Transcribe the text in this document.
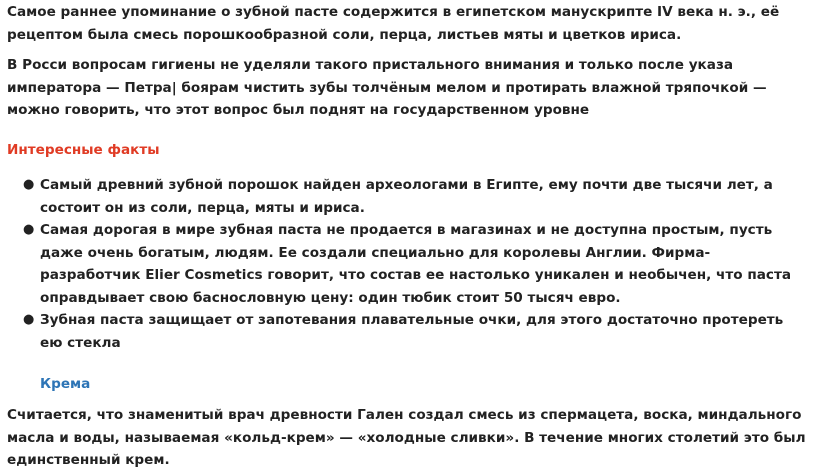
Самое раннее упоминание о зубной пасте содержится в египетском манускрипте IV века н. э., её рецептом была смесь порошкообразной соли, перца, листьев мяты и цветков ириса.

В Росси вопросам гигиены не уделяли такого пристального внимания и только после указа императора — Петра| боярам чистить зубы толчёным мелом и протирать влажной тряпочкой — можно говорить, что этот вопрос был поднят на государственном уровне

Интересные факты
● Самый древний зубной порошок найден археологами в Египте, ему почти две тысячи лет, а состоит он из соли, перца, мяты и ириса.
● Самая дорогая в мире зубная паста не продается в магазинах и не доступна простым, пусть даже очень богатым, людям. Ее создали специально для королевы Англии. Фирма-разработчик Elier Cosmetics говорит, что состав ее настолько уникален и необычен, что паста оправдывает свою баснословную цену: один тюбик стоит 50 тысяч евро.
● Зубная паста защищает от запотевания плавательные очки, для этого достаточно протереть ею стекла
Крема

Считается, что знаменитый врач древности Гален создал смесь из спермацета, воска, миндального масла и воды, называемая «кольд-крем» — «холодные сливки». В течение многих столетий это был единственный крем.
